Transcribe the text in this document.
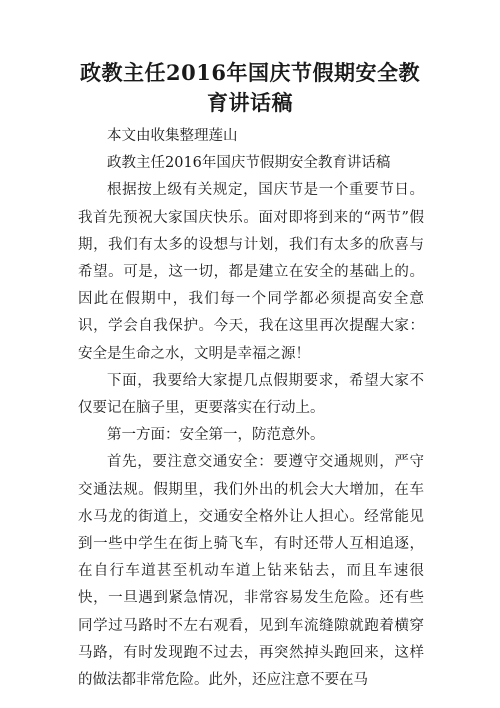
政教主任2016年国庆节假期安全教育讲话稿

本文由收集整理莲山

政教主任2016年国庆节假期安全教育讲话稿

根据按上级有关规定，国庆节是一个重要节日。我首先预祝大家国庆快乐。面对即将到来的“两节”假期，我们有太多的设想与计划，我们有太多的欣喜与希望。可是，这一切，都是建立在安全的基础上的。因此在假期中，我们每一个同学都必须提高安全意识，学会自我保护。今天，我在这里再次提醒大家：安全是生命之水，文明是幸福之源！

下面，我要给大家提几点假期要求，希望大家不仅要记在脑子里，更要落实在行动上。

第一方面：安全第一，防范意外。

首先，要注意交通安全：要遵守交通规则，严守交通法规。假期里，我们外出的机会大大增加，在车水马龙的街道上，交通安全格外让人担心。经常能见到一些中学生在街上骑飞车，有时还带人互相追逐，在自行车道甚至机动车道上钻来钻去，而且车速很快，一旦遇到紧急情况，非常容易发生危险。还有些同学过马路时不左右观看，见到车流缝隙就跑着横穿马路，有时发现跑不过去，再突然掉头跑回来，这样的做法都非常危险。此外，还应注意不要在马
